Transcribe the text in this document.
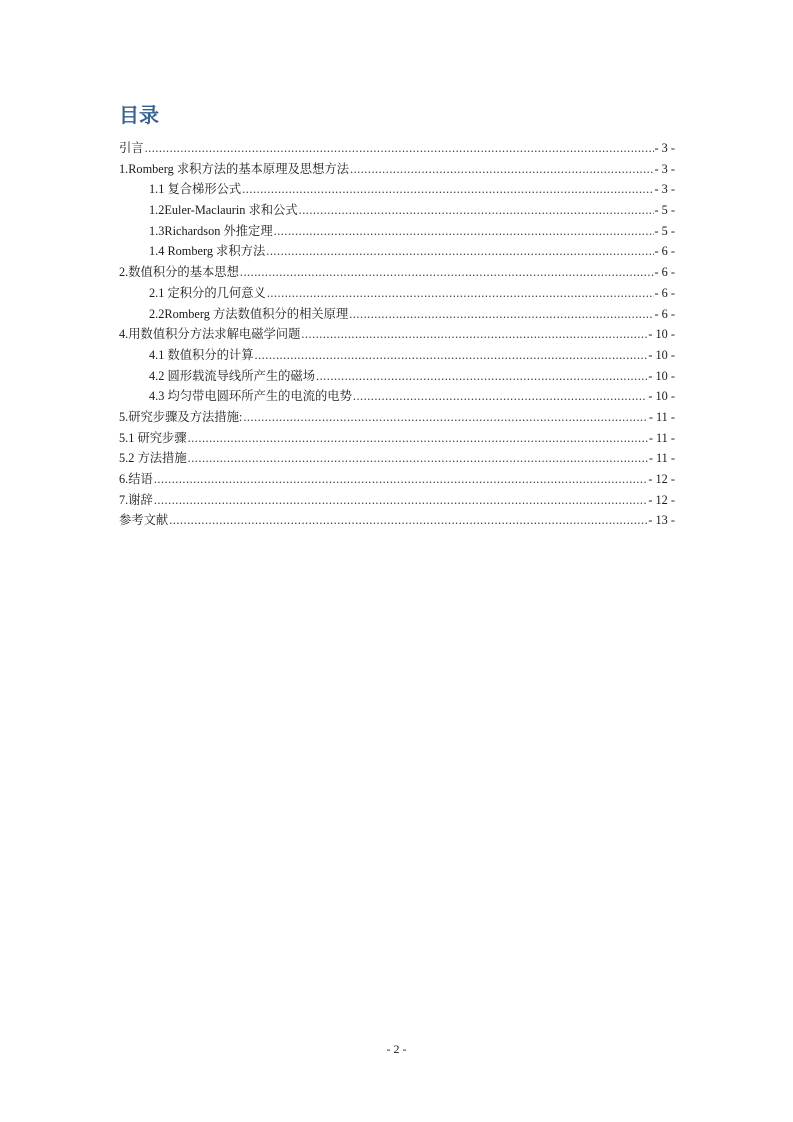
目录
引言 .....	- 3 -
1.Romberg 求积方法的基本原理及思想方法 .....	- 3 -
1.1 复合梯形公式 .....	- 3 -
1.2Euler-Maclaurin 求和公式 .....	- 5 -
1.3Richardson 外推定理 .....	- 5 -
1.4 Romberg 求积方法 .....	- 6 -
2.数值积分的基本思想 .....	- 6 -
2.1 定积分的几何意义 .....	- 6 -
2.2Romberg 方法数值积分的相关原理 .....	- 6 -
4.用数值积分方法求解电磁学问题 .....	- 10 -
4.1 数值积分的计算 .....	- 10 -
4.2 圆形载流导线所产生的磁场 .....	- 10 -
4.3 均匀带电圆环所产生的电流的电势 .....	- 10 -
5.研究步骤及方法措施: .....	- 11 -
5.1 研究步骤 .....	- 11 -
5.2 方法措施 .....	- 11 -
6.结语 .....	- 12 -
7.谢辞 .....	- 12 -
参考文献 .....	- 13 -
- 2 -
